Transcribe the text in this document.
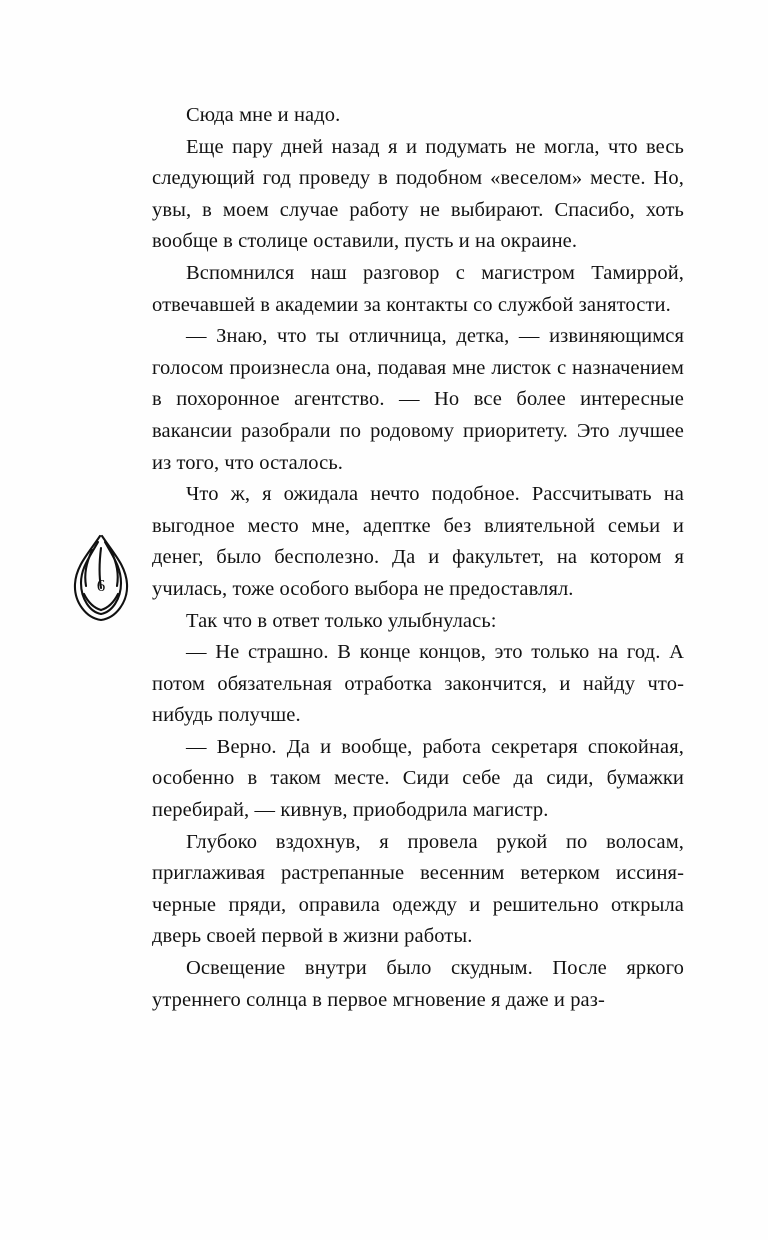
6

Сюда мне и надо.

Еще пару дней назад я и подумать не могла, что весь следующий год проведу в подобном «веселом» месте. Но, увы, в моем случае работу не выбирают. Спасибо, хоть вообще в столице оставили, пусть и на окраине.

Вспомнился наш разговор с магистром Тамиррой, отвечавшей в академии за контакты со службой занятости.

— Знаю, что ты отличница, детка, — извиняющимся голосом произнесла она, подавая мне листок с назначением в похоронное агентство. — Но все более интересные вакансии разобрали по родовому приоритету. Это лучшее из того, что осталось.

Что ж, я ожидала нечто подобное. Рассчитывать на выгодное место мне, адептке без влиятельной семьи и денег, было бесполезно. Да и факультет, на котором я училась, тоже особого выбора не предоставлял.

Так что в ответ только улыбнулась:

— Не страшно. В конце концов, это только на год. А потом обязательная отработка закончится, и найду что-нибудь получше.

— Верно. Да и вообще, работа секретаря спокойная, особенно в таком месте. Сиди себе да сиди, бумажки перебирай, — кивнув, приободрила магистр.

Глубоко вздохнув, я провела рукой по волосам, приглаживая растрепанные весенним ветерком иссиня-черные пряди, оправила одежду и решительно открыла дверь своей первой в жизни работы.

Освещение внутри было скудным. После яркого утреннего солнца в первое мгновение я даже и раз-
